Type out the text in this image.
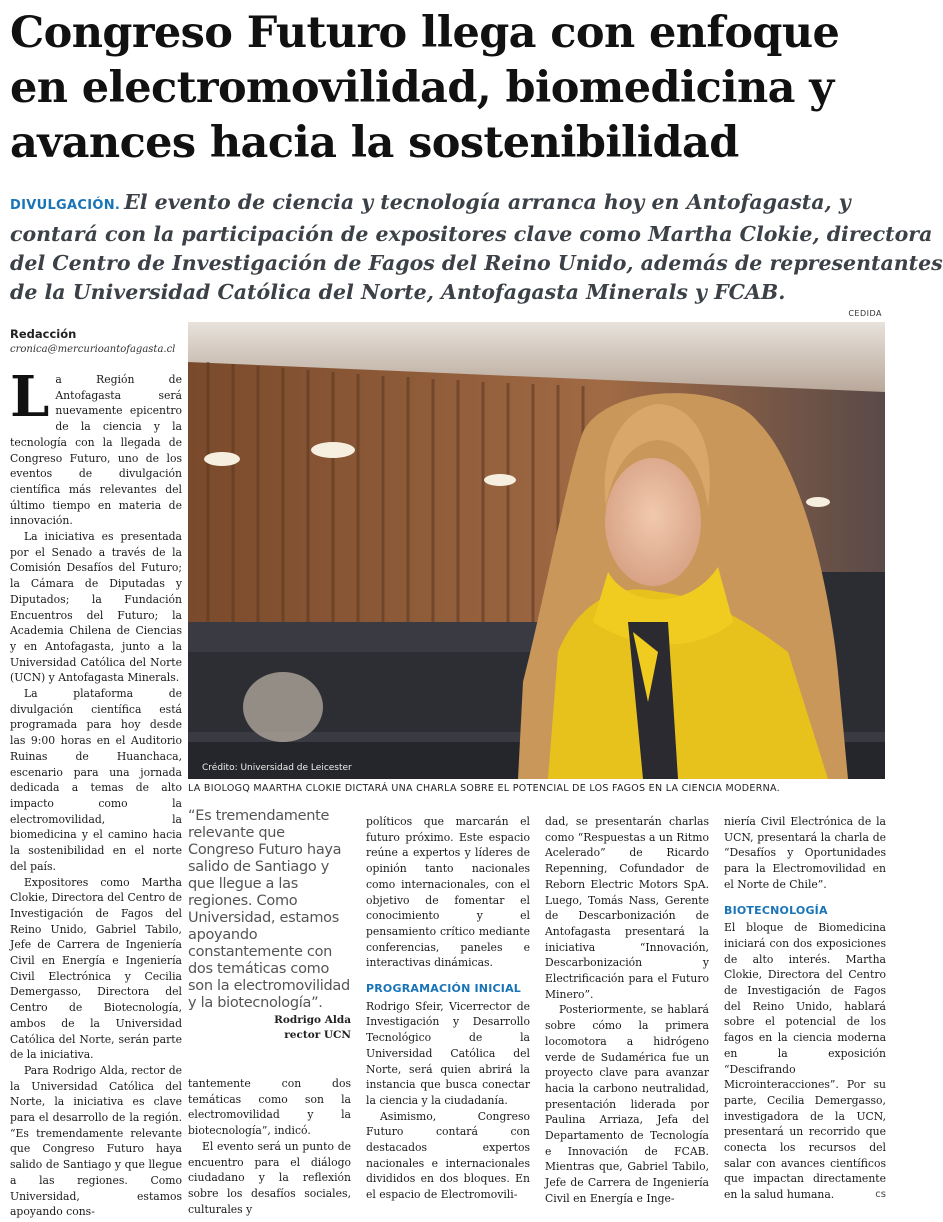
Congreso Futuro llega con enfoque
en electromovilidad, biomedicina y
avances hacia la sostenibilidad
DIVULGACIÓN. El evento de ciencia y tecnología arranca hoy en Antofagasta, y
contará con la participación de expositores clave como Martha Clokie, directora
del Centro de Investigación de Fagos del Reino Unido, además de representantes
de la Universidad Católica del Norte, Antofagasta Minerals y FCAB.
CEDIDA
Redacción
cronica@mercurioantofagasta.cl

La Región de Antofagasta será nuevamente epicentro de la ciencia y la tecnología con la llegada de Congreso Futuro, uno de los eventos de divulgación científica más relevantes del último tiempo en materia de innovación.

La iniciativa es presentada por el Senado a través de la Comisión Desafíos del Futuro; la Cámara de Diputadas y Diputados; la Fundación Encuentros del Futuro; la Academia Chilena de Ciencias y en Antofagasta, junto a la Universidad Católica del Norte (UCN) y Antofagasta Minerals.

La plataforma de divulgación científica está programada para hoy desde las 9:00 horas en el Auditorio Ruinas de Huanchaca, escenario para una jornada dedicada a temas de alto impacto como la electromovilidad, la biomedicina y el camino hacia la sostenibilidad en el norte del país.

Expositores como Martha Clokie, Directora del Centro de Investigación de Fagos del Reino Unido, Gabriel Tabilo, Jefe de Carrera de Ingeniería Civil en Energía e Ingeniería Civil Electrónica y Cecilia Demergasso, Directora del Centro de Biotecnología, ambos de la Universidad Católica del Norte, serán parte de la iniciativa.

Para Rodrigo Alda, rector de la Universidad Católica del Norte, la iniciativa es clave para el desarrollo de la región. “Es tremendamente relevante que Congreso Futuro haya salido de Santiago y que llegue a las regiones. Como Universidad, estamos apoyando cons-

Crédito: Universidad de Leicester
LA BIOLOGQ MAARTHA CLOKIE DICTARÁ UNA CHARLA SOBRE EL POTENCIAL DE LOS FAGOS EN LA CIENCIA MODERNA.
“Es tremendamente relevante que Congreso Futuro haya salido de Santiago y que llegue a las regiones. Como Universidad, estamos apoyando constantemente con dos temáticas como son la electromovilidad y la biotecnología”.
Rodrigo Alda
rector UCN

tantemente con dos temáticas como son la electromovilidad y la biotecnología”, indicó.

El evento será un punto de encuentro para el diálogo ciudadano y la reflexión sobre los desafíos sociales, culturales y

políticos que marcarán el futuro próximo. Este espacio reúne a expertos y líderes de opinión tanto nacionales como internacionales, con el objetivo de fomentar el conocimiento y el pensamiento crítico mediante conferencias, paneles e interactivas dinámicas.

PROGRAMACIÓN INICIAL

Rodrigo Sfeir, Vicerrector de Investigación y Desarrollo Tecnológico de la Universidad Católica del Norte, será quien abrirá la instancia que busca conectar la ciencia y la ciudadanía.

Asimismo, Congreso Futuro contará con destacados expertos nacionales e internacionales divididos en dos bloques. En el espacio de Electromovili-

dad, se presentarán charlas como “Respuestas a un Ritmo Acelerado” de Ricardo Repenning, Cofundador de Reborn Electric Motors SpA. Luego, Tomás Nass, Gerente de Descarbonización de Antofagasta presentará la iniciativa “Innovación, Descarbonización y Electrificación para el Futuro Minero”.

Posteriormente, se hablará sobre cómo la primera locomotora a hidrógeno verde de Sudamérica fue un proyecto clave para avanzar hacia la carbono neutralidad, presentación liderada por Paulina Arriaza, Jefa del Departamento de Tecnología e Innovación de FCAB. Mientras que, Gabriel Tabilo, Jefe de Carrera de Ingeniería Civil en Energía e Inge-

niería Civil Electrónica de la UCN, presentará la charla de “Desafíos y Oportunidades para la Electromovilidad en el Norte de Chile”.

BIOTECNOLOGÍA

El bloque de Biomedicina iniciará con dos exposiciones de alto interés. Martha Clokie, Directora del Centro de Investigación de Fagos del Reino Unido, hablará sobre el potencial de los fagos en la ciencia moderna en la exposición “Descifrando Microinteracciones”. Por su parte, Cecilia Demergasso, investigadora de la UCN, presentará un recorrido que conecta los recursos del salar con avances científicos que impactan directamente en la salud humana.	cs
